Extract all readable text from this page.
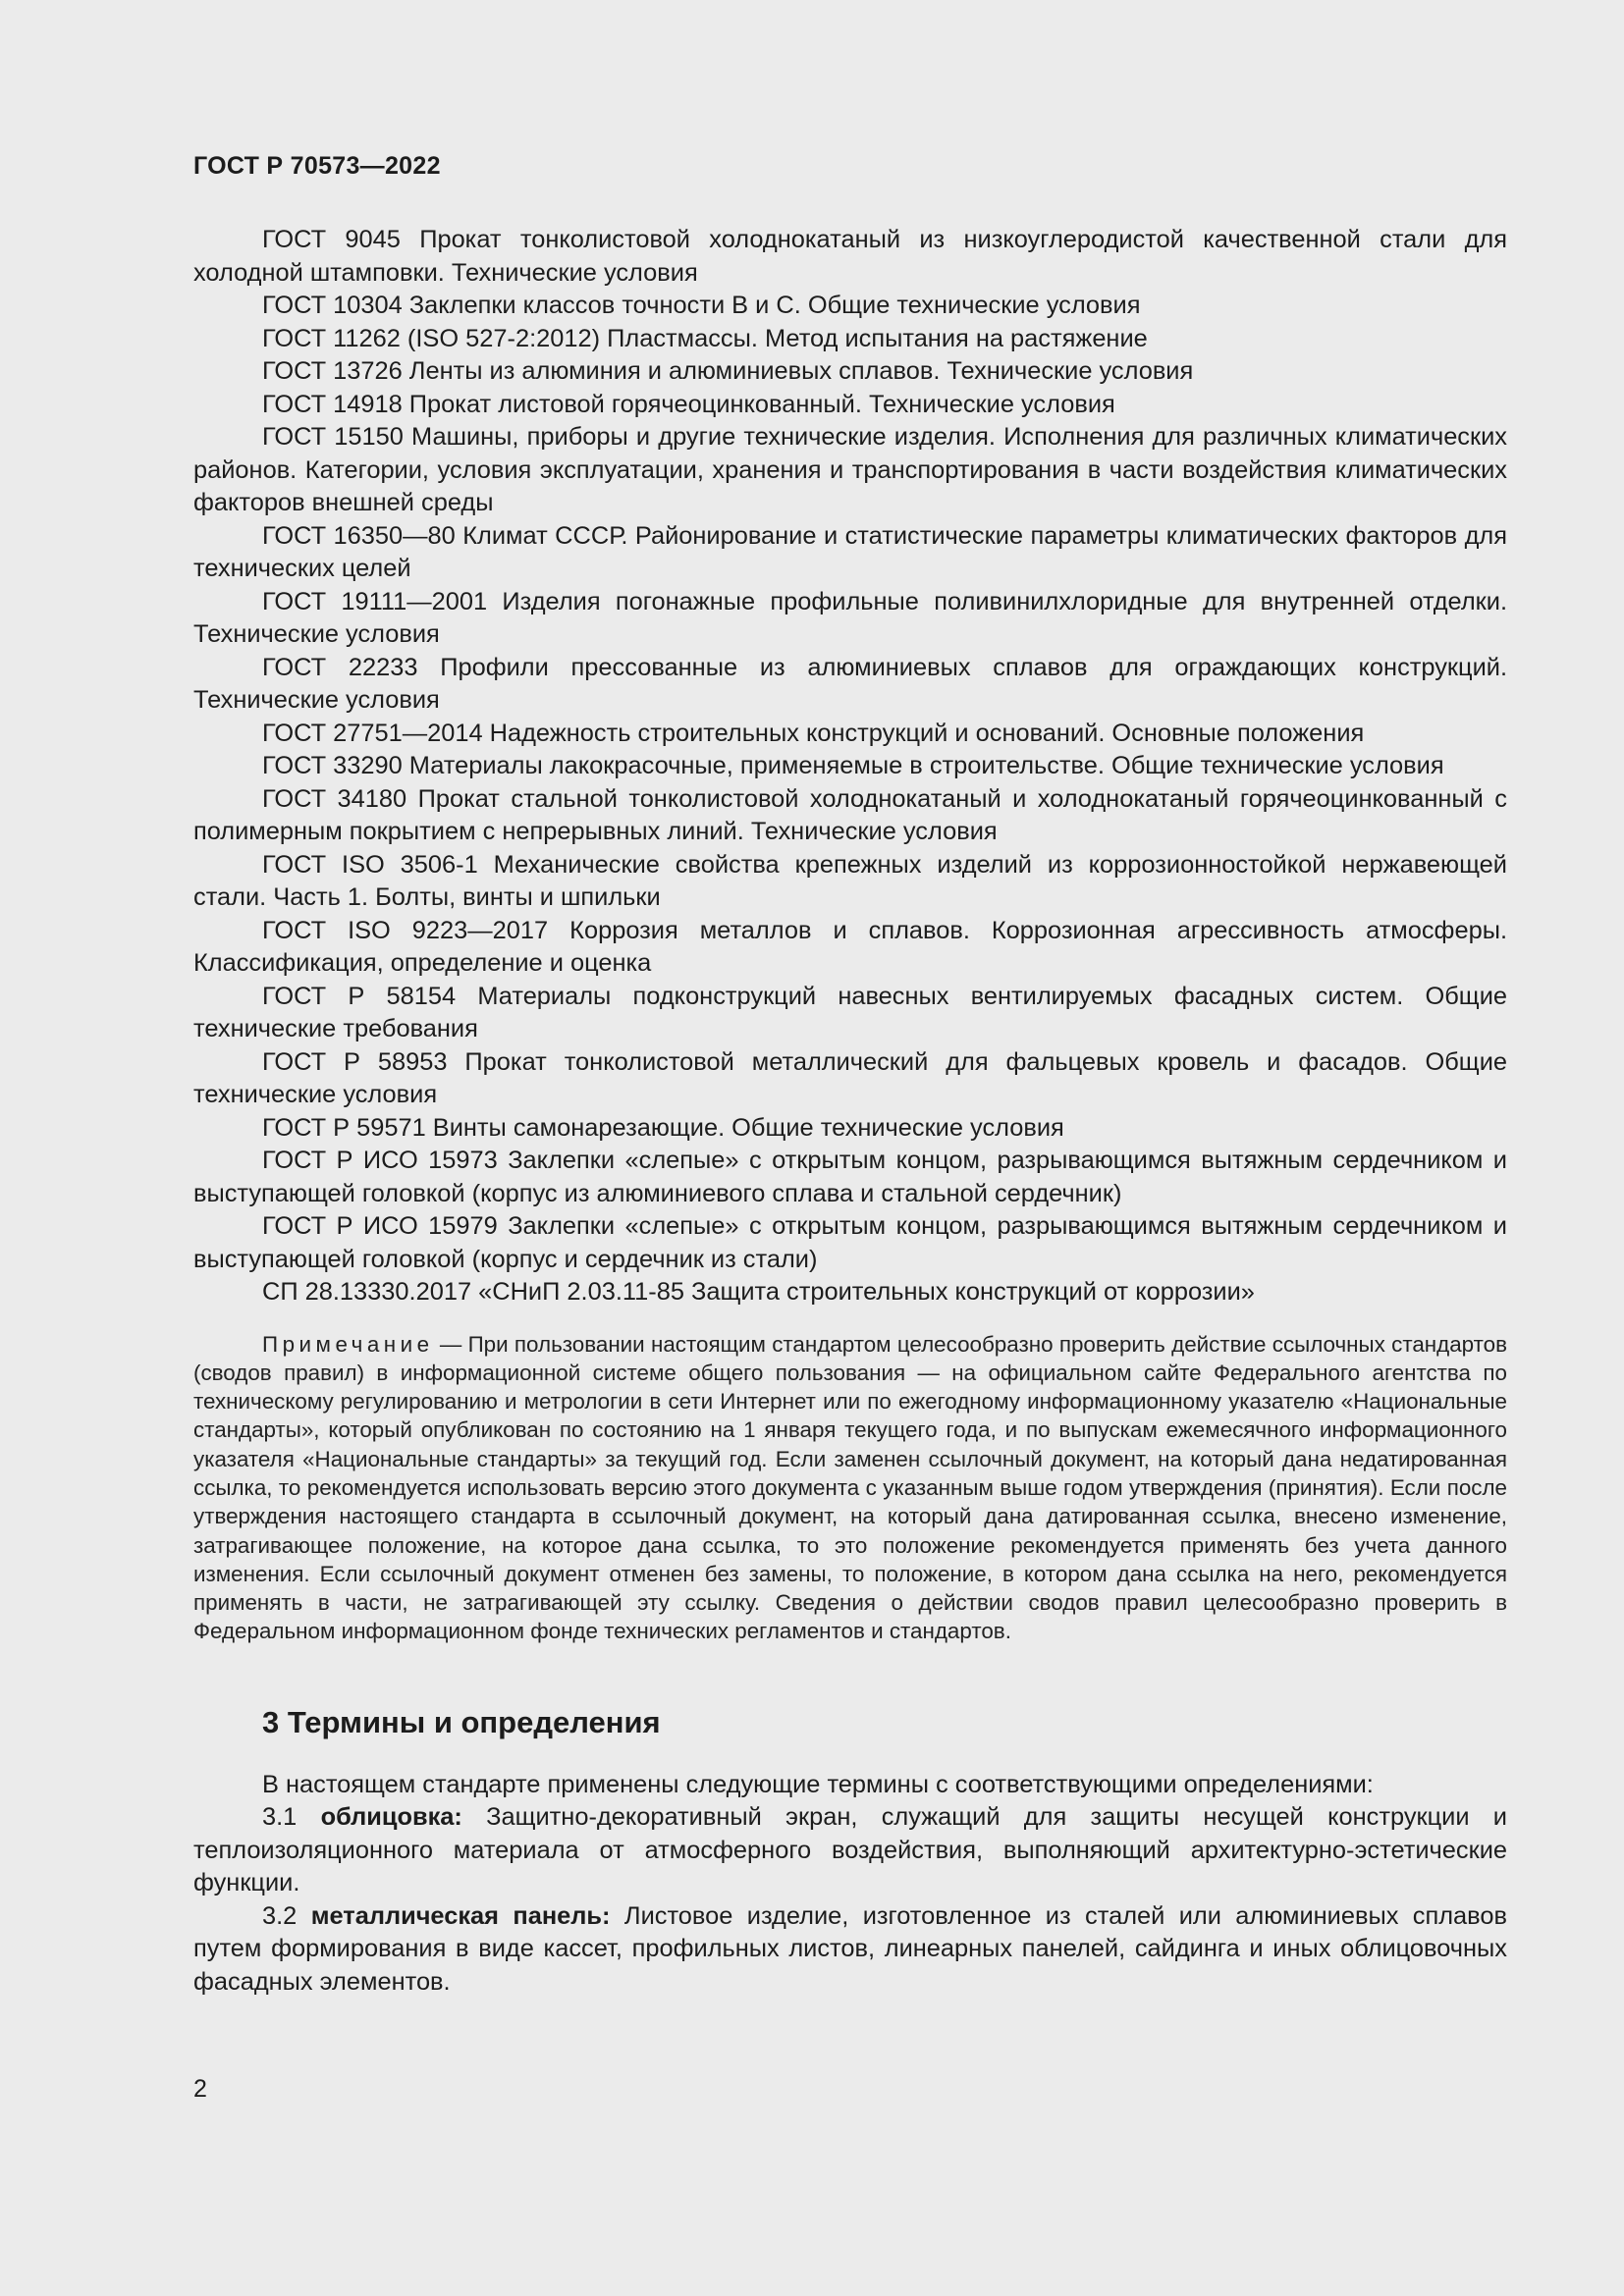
ГОСТ Р 70573—2022

ГОСТ 9045 Прокат тонколистовой холоднокатаный из низкоуглеродистой качественной стали для холодной штамповки. Технические условия

ГОСТ 10304 Заклепки классов точности В и С. Общие технические условия

ГОСТ 11262 (ISO 527-2:2012) Пластмассы. Метод испытания на растяжение

ГОСТ 13726 Ленты из алюминия и алюминиевых сплавов. Технические условия

ГОСТ 14918 Прокат листовой горячеоцинкованный. Технические условия

ГОСТ 15150 Машины, приборы и другие технические изделия. Исполнения для различных климатических районов. Категории, условия эксплуатации, хранения и транспортирования в части воздействия климатических факторов внешней среды

ГОСТ 16350—80 Климат СССР. Районирование и статистические параметры климатических факторов для технических целей

ГОСТ 19111—2001 Изделия погонажные профильные поливинилхлоридные для внутренней отделки. Технические условия

ГОСТ 22233 Профили прессованные из алюминиевых сплавов для ограждающих конструкций. Технические условия

ГОСТ 27751—2014 Надежность строительных конструкций и оснований. Основные положения

ГОСТ 33290 Материалы лакокрасочные, применяемые в строительстве. Общие технические условия

ГОСТ 34180 Прокат стальной тонколистовой холоднокатаный и холоднокатаный горячеоцинкованный с полимерным покрытием с непрерывных линий. Технические условия

ГОСТ ISO 3506-1 Механические свойства крепежных изделий из коррозионностойкой нержавеющей стали. Часть 1. Болты, винты и шпильки

ГОСТ ISO 9223—2017 Коррозия металлов и сплавов. Коррозионная агрессивность атмосферы. Классификация, определение и оценка

ГОСТ Р 58154 Материалы подконструкций навесных вентилируемых фасадных систем. Общие технические требования

ГОСТ Р 58953 Прокат тонколистовой металлический для фальцевых кровель и фасадов. Общие технические условия

ГОСТ Р 59571 Винты самонарезающие. Общие технические условия

ГОСТ Р ИСО 15973 Заклепки «слепые» с открытым концом, разрывающимся вытяжным сердечником и выступающей головкой (корпус из алюминиевого сплава и стальной сердечник)

ГОСТ Р ИСО 15979 Заклепки «слепые» с открытым концом, разрывающимся вытяжным сердечником и выступающей головкой (корпус и сердечник из стали)

СП 28.13330.2017 «СНиП 2.03.11-85 Защита строительных конструкций от коррозии»

Примечание — При пользовании настоящим стандартом целесообразно проверить действие ссылочных стандартов (сводов правил) в информационной системе общего пользования — на официальном сайте Федерального агентства по техническому регулированию и метрологии в сети Интернет или по ежегодному информационному указателю «Национальные стандарты», который опубликован по состоянию на 1 января текущего года, и по выпускам ежемесячного информационного указателя «Национальные стандарты» за текущий год. Если заменен ссылочный документ, на который дана недатированная ссылка, то рекомендуется использовать версию этого документа с указанным выше годом утверждения (принятия). Если после утверждения настоящего стандарта в ссылочный документ, на который дана датированная ссылка, внесено изменение, затрагивающее положение, на которое дана ссылка, то это положение рекомендуется применять без учета данного изменения. Если ссылочный документ отменен без замены, то положение, в котором дана ссылка на него, рекомендуется применять в части, не затрагивающей эту ссылку. Сведения о действии сводов правил целесообразно проверить в Федеральном информационном фонде технических регламентов и стандартов.

3 Термины и определения

В настоящем стандарте применены следующие термины с соответствующими определениями:

3.1 облицовка: Защитно-декоративный экран, служащий для защиты несущей конструкции и теплоизоляционного материала от атмосферного воздействия, выполняющий архитектурно-эстетические функции.

3.2 металлическая панель: Листовое изделие, изготовленное из сталей или алюминиевых сплавов путем формирования в виде кассет, профильных листов, линеарных панелей, сайдинга и иных облицовочных фасадных элементов.

2
